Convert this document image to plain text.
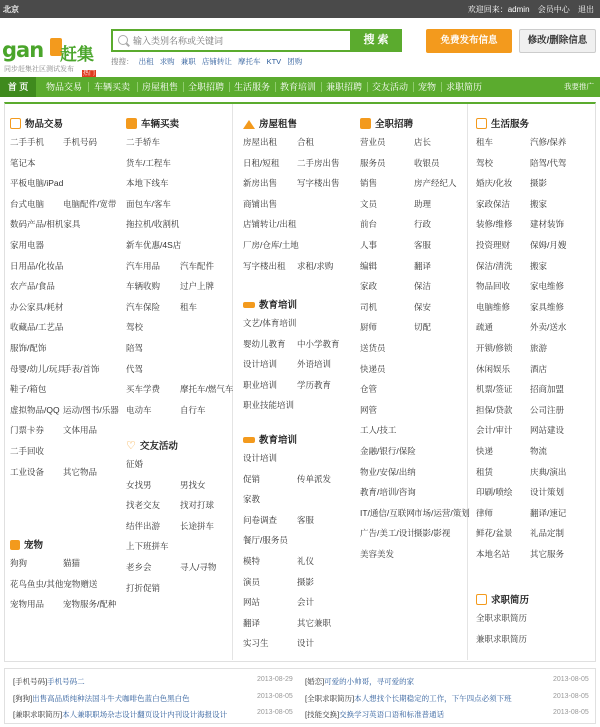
北京	欢迎回来：admin 会员中心 退出
gan 赶集
同步赶集社区测试发布
输入类别名称或关键词
搜 索
搜搜： 出租 求购 兼职 店铺转让 摩托车 KTV 团购
免费发布信息	修改/删除信息
热门
首 页	物品交易	车辆买卖	房屋租售	全职招聘	生活服务	教育培训	兼职招聘	交友活动	宠物	求职简历	我要推广
物品交易
二手手机 手机号码
笔记本
平板电脑/iPad
台式电脑 电脑配件/宽带
数码产品/相机家具
家用电器
日用品/化妆品
农产品/食品
办公家具/耗材
收藏品/工艺品
服饰/配饰
母婴/幼儿/玩具
手表/首饰
鞋子/箱包
虚拟物品/QQ 运动/图书/乐器
门票卡券 文体用品
二手回收
工业设备 其它物品
宠物
狗狗	猫猫
花鸟鱼虫/其他宠物赠送
宠物用品 宠物服务/配种
车辆买卖
二手轿车
货车/工程车
本地下线车
面包车/客车
拖拉机/收割机
新车优惠/4S店
汽车用品 汽车配件
车辆收购 过户上牌
汽车保险 租车
驾校
陪驾
代驾
买车学费 摩托车/燃气车
电动车	自行车
♡ 交友活动
征婚
女找男	男找女
找老交友 找对打球
结伴出游 长途拼车
上下班拼车
老乡会	寻人/寻物
打折促销
房屋租售
房屋出租 合租
日租/短租 二手房出售
新房出售 写字楼出售
商铺出售
店铺转让/出租
厂房/仓库/土地
写字楼出租 求租/求购
教育培训
文艺/体育培训
婴幼儿教育 中小学教育
设计培训 外语培训
职业培训 学历教育
职业技能培训
教育培训
设计培训
促销	传单派发
家教
问卷调查 客服
餐厅/服务员
模特	礼仪
演员	摄影
网站	会计
翻译	其它兼职
实习生	设计
全职招聘
营业员	店长
服务员	收银员
销售	房产经纪人
文员	助理
前台	行政
人事	客服
编辑	翻译
家政	保洁
司机	保安
厨师	切配
送货员
快递员
仓管
网管
工人/技工
金融/银行/保险
物业/安保/出纳
教育/培训/咨询
IT/通信/互联网 市场/运营/策划
广告/美工/设计
摄影/影视
美容美发
生活服务
租车	汽修/保养
驾校	陪驾/代驾
婚庆/化妆 摄影
家政保洁 搬家
装修/维修 建材装饰
投资理财 保姆/月嫂
保洁/清洗 搬家
物品回收 家电维修
电脑维修 家具维修
疏通	外卖/送水
开锁/修锁 旅游
休闲娱乐 酒店
机票/签证 招商加盟
担保/贷款 公司注册
会计/审计 网站建设
快递	物流
租赁	庆典/演出
印刷/喷绘 设计策划
律师	翻译/速记
鲜花/盆景 礼品定制
本地名站 其它服务
求职简历
全职求职简历
兼职求职简历
[手机号码]手机号码二	2013-08-29 [婚恋]可爱的小帅哥，寻可爱的家	2013-08-05
[狗狗]出售高品质纯种法国斗牛犬咖啡色蓝白色黑白色	2013-08-05 [全职求职简历]本人想找个长期稳定的工作，下午四点必须下班	2013-08-05
[兼职求职简历]本人兼职职场杂志设计翻页设计内刊设计海报设计	2013-08-05 [技能交换]交换学习英语口语和标准普通话	2013-08-05
